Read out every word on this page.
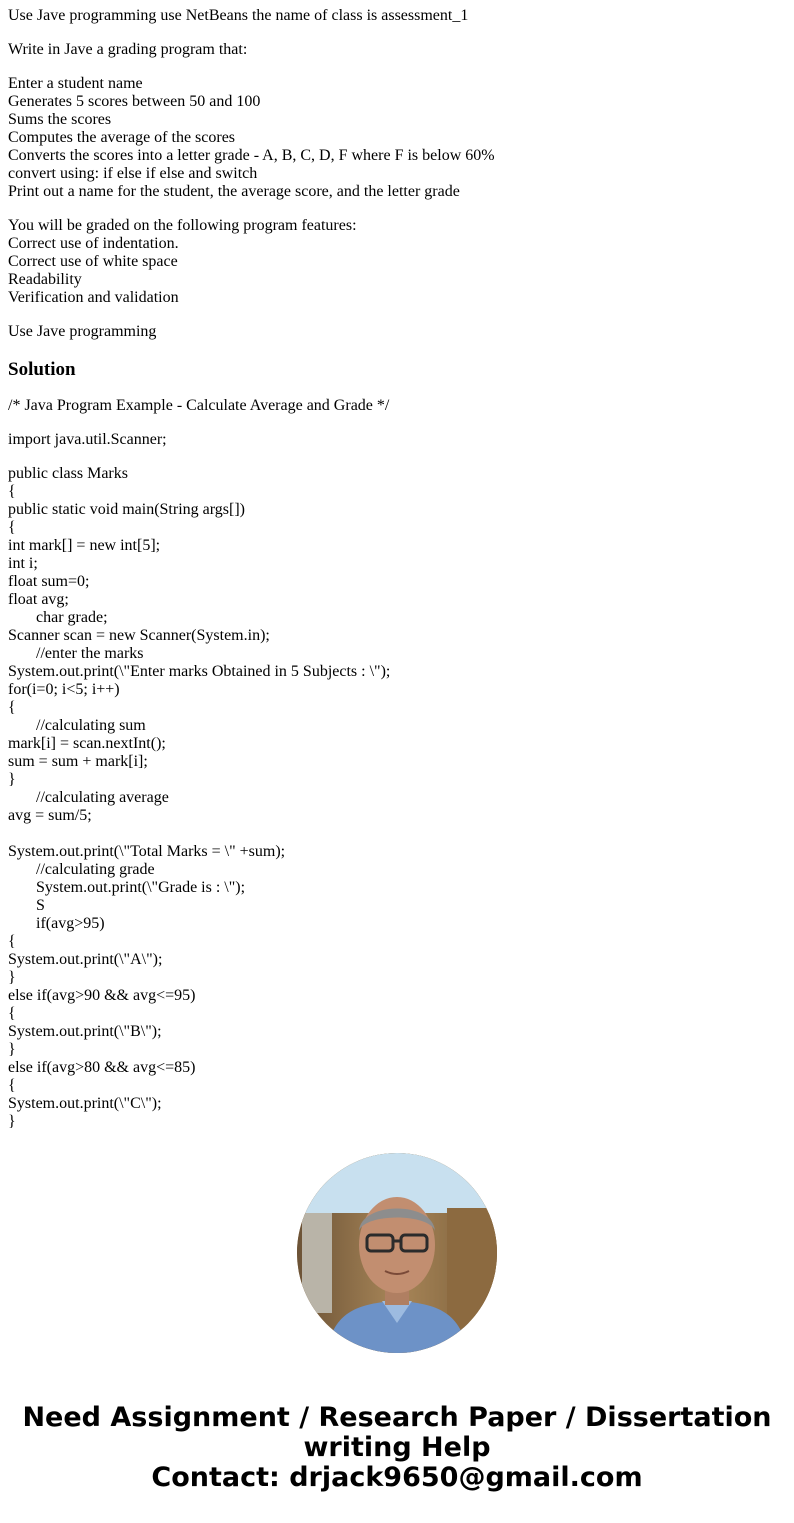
Use Jave programming use NetBeans the name of class is assessment_1
Write in Jave a grading program that:
Enter a student name
Generates 5 scores between 50 and 100
Sums the scores
Computes the average of the scores
Converts the scores into a letter grade - A, B, C, D, F where F is below 60%
convert using: if else if else and switch
Print out a name for the student, the average score, and the letter grade
You will be graded on the following program features:
Correct use of indentation.
Correct use of white space
Readability
Verification and validation
Use Jave programming
Solution
/* Java Program Example - Calculate Average and Grade */
import java.util.Scanner;
public class Marks
{
public static void main(String args[])
{
int mark[] = new int[5];
int i;
float sum=0;
float avg;
char grade;
Scanner scan = new Scanner(System.in);
//enter the marks
System.out.print(\"Enter marks Obtained in 5 Subjects : \");
for(i=0; i<5; i++)
{
//calculating sum
mark[i] = scan.nextInt();
sum = sum + mark[i];
}
//calculating average
avg = sum/5;
System.out.print(\"Total Marks = \" +sum);
//calculating grade
System.out.print(\"Grade is : \");
S
if(avg>95)
{
System.out.print(\"A\");
}
else if(avg>90 && avg<=95)
{
System.out.print(\"B\");
}
else if(avg>80 && avg<=85)
{
System.out.print(\"C\");
}
Need Assignment / Research Paper / Dissertation
writing Help
Contact: drjack9650@gmail.com
